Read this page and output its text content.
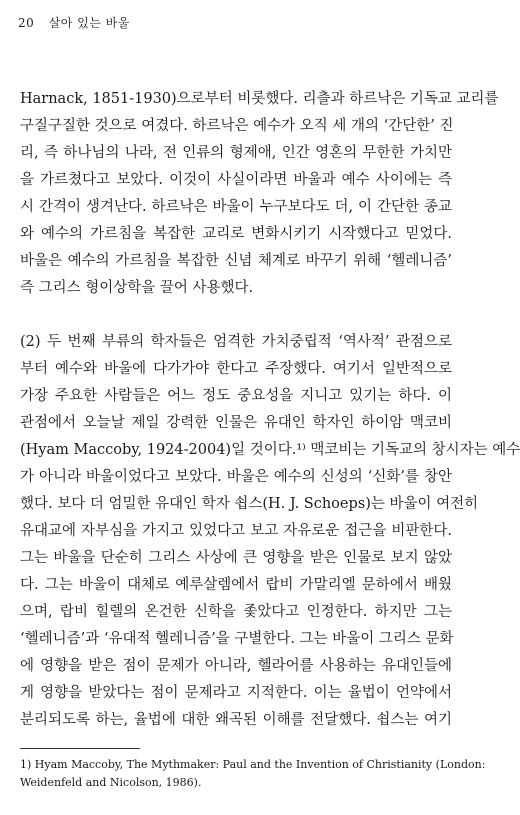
20 살아 있는 바울
Harnack, 1851-1930)으로부터 비롯했다. 리츨과 하르낙은 기독교 교리를
구질구질한 것으로 여겼다. 하르낙은 예수가 오직 세 개의 ‘간단한’ 진
리, 즉 하나님의 나라, 전 인류의 형제애, 인간 영혼의 무한한 가치만
을 가르쳤다고 보았다. 이것이 사실이라면 바울과 예수 사이에는 즉
시 간격이 생겨난다. 하르낙은 바울이 누구보다도 더, 이 간단한 종교
와 예수의 가르침을 복잡한 교리로 변화시키기 시작했다고 믿었다.
바울은 예수의 가르침을 복잡한 신념 체계로 바꾸기 위해 ‘헬레니즘’
즉 그리스 형이상학을 끌어 사용했다.
(2) 두 번째 부류의 학자들은 엄격한 가치중립적 ‘역사적’ 관점으로
부터 예수와 바울에 다가가야 한다고 주장했다. 여기서 일반적으로
가장 주요한 사람들은 어느 정도 중요성을 지니고 있기는 하다. 이
관점에서 오늘날 제일 강력한 인물은 유대인 학자인 하이암 맥코비
(Hyam Maccoby, 1924-2004)일 것이다.¹⁾ 맥코비는 기독교의 창시자는 예수
가 아니라 바울이었다고 보았다. 바울은 예수의 신성의 ‘신화’를 창안
했다. 보다 더 엄밀한 유대인 학자 쇱스(H. J. Schoeps)는 바울이 여전히
유대교에 자부심을 가지고 있었다고 보고 자유로운 접근을 비판한다.
그는 바울을 단순히 그리스 사상에 큰 영향을 받은 인물로 보지 않았
다. 그는 바울이 대체로 예루살렘에서 랍비 가말리엘 문하에서 배웠
으며, 랍비 힐렐의 온건한 신학을 좇았다고 인정한다. 하지만 그는
‘헬레니즘’과 ‘유대적 헬레니즘’을 구별한다. 그는 바울이 그리스 문화
에 영향을 받은 점이 문제가 아니라, 헬라어를 사용하는 유대인들에
게 영향을 받았다는 점이 문제라고 지적한다. 이는 율법이 언약에서
분리되도록 하는, 율법에 대한 왜곡된 이해를 전달했다. 쇱스는 여기
1) Hyam Maccoby, The Mythmaker: Paul and the Invention of Christianity (London:
Weidenfeld and Nicolson, 1986).
